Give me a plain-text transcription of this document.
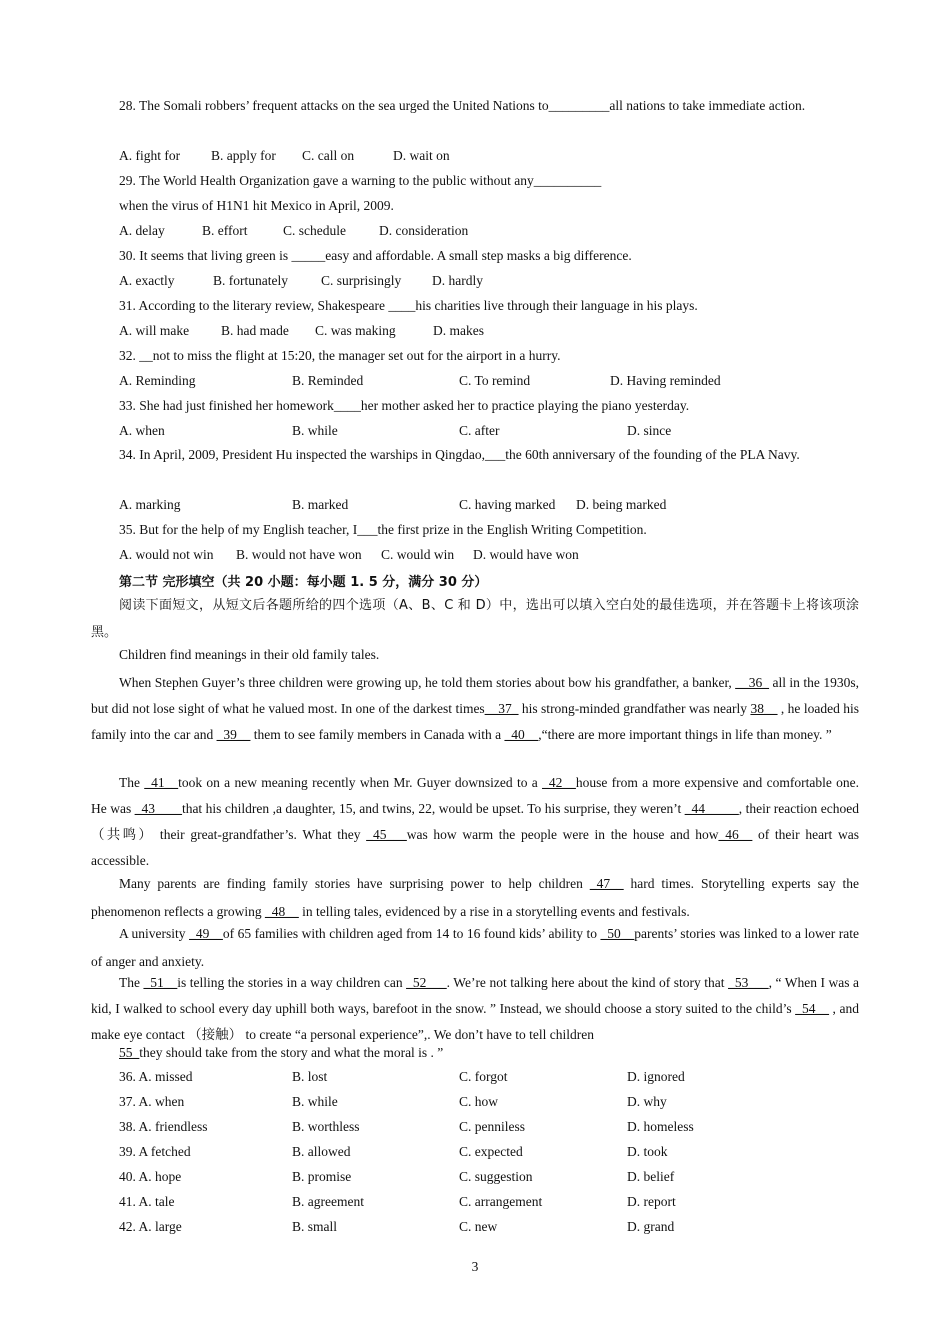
28. The Somali robbers’ frequent attacks on the sea urged the United Nations to_________all nations to take immediate action.
A. fight for B. apply for C. call on	D. wait on
29. The World Health Organization gave a warning to the public without any__________
when the virus of H1N1 hit Mexico in April, 2009.
A. delay	B. effort	C. schedule D. consideration
30. It seems that living green is _____easy and affordable. A small step masks a big difference.
A. exactly	B. fortunately C. surprisingly D. hardly
31. According to the literary review, Shakespeare ____his charities live through their language in his plays.
A. will make B. had made C. was making	D. makes
32. __not to miss the flight at 15:20, the manager set out for the airport in a hurry.
A. Reminding	B. Reminded	C. To remind	D. Having reminded
33. She had just finished her homework____her mother asked her to practice playing the piano yesterday.
A. when	B. while	C. after	D. since
34. In April, 2009, President Hu inspected the warships in Qingdao,___the 60th anniversary of the founding of the PLA Navy.
A. marking	B. marked	C. having marked D. being marked
35. But for the help of my English teacher, I___the first prize in the English Writing Competition.
A. would not win B. would not have won C. would win D. would have won
第二节 完形填空（共 20 小题：每小题 1. 5 分，满分 30 分）
阅读下面短文，从短文后各题所给的四个选项（A、B、C 和 D）中，选出可以填入空白处的最佳选项，并在答题卡上将该项涂黑。
Children find meanings in their old family tales.
When Stephen Guyer’s three children were growing up, he told them stories about bow his grandfather, a banker, __36_ all in the 1930s, but did not lose sight of what he valued most. In one of the darkest times__37_ his strong-minded grandfather was nearly 38__ , he loaded his family into the car and _39__ them to see family members in Canada with a _40__,“there are more important things in life than money. ”
The _41__took on a new meaning recently when Mr. Guyer downsized to a _42__house from a more expensive and comfortable one. He was _43____that his children ,a daughter, 15, and twins, 22, would be upset. To his surprise, they weren’t _44_____, their reaction echoed （共鸣） their great-grandfather’s. What they _45___was how warm the people were in the house and how_46__ of their heart was accessible.
Many parents are finding family stories have surprising power to help children _47__ hard times. Storytelling experts say the phenomenon reflects a growing _48__ in telling tales, evidenced by a rise in a storytelling events and festivals.
A university _49__of 65 families with children aged from 14 to 16 found kids’ ability to _50__parents’ stories was linked to a lower rate of anger and anxiety.
The _51__is telling the stories in a way children can _52___. We’re not talking here about the kind of story that _53___, “ When I was a kid, I walked to school every day uphill both ways, barefoot in the snow. ” Instead, we should choose a story suited to the child’s _54__ , and make eye contact （接触） to create “a personal experience”,. We don’t have to tell children
55_they should take from the story and what the moral is . ”
36. A. missed	B. lost	C. forgot	D. ignored
37. A. when	B. while	C. how	D. why
38. A. friendless	B. worthless	C. penniless	D. homeless
39. A fetched	B. allowed	C. expected	D. took
40. A. hope	B. promise	C. suggestion	D. belief
41. A. tale	B. agreement	C. arrangement	D. report
42. A. large	B. small	C. new	D. grand
3
